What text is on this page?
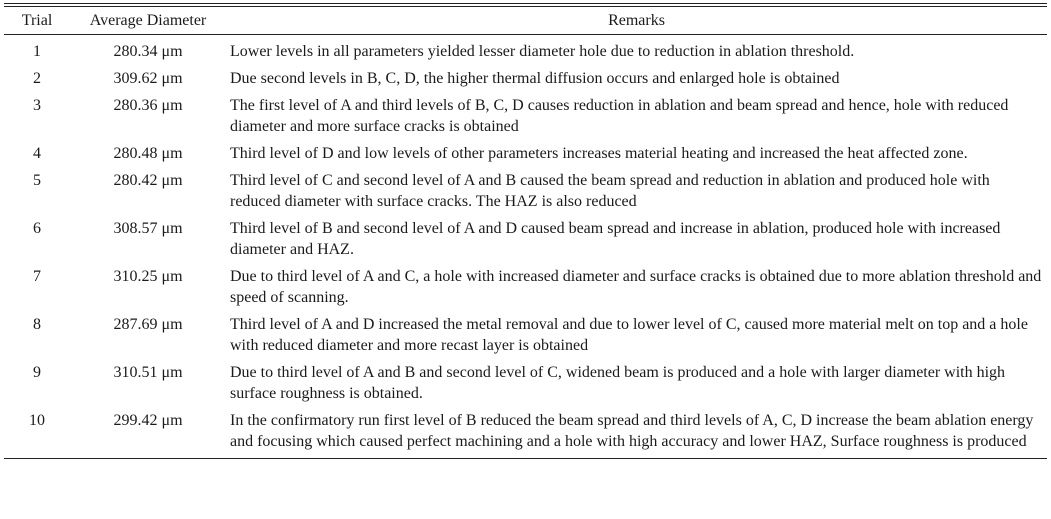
Trial	Average Diameter	Remarks
1	280.34 μm	Lower levels in all parameters yielded lesser diameter hole due to reduction in ablation threshold.
2	309.62 μm	Due second levels in B, C, D, the higher thermal diffusion occurs and enlarged hole is obtained
3	280.36 μm	The first level of A and third levels of B, C, D causes reduction in ablation and beam spread and hence, hole with reduced diameter and more surface cracks is obtained
4	280.48 μm	Third level of D and low levels of other parameters increases material heating and increased the heat affected zone.
5	280.42 μm	Third level of C and second level of A and B caused the beam spread and reduction in ablation and produced hole with reduced diameter with surface cracks. The HAZ is also reduced
6	308.57 μm	Third level of B and second level of A and D caused beam spread and increase in ablation, produced hole with increased diameter and HAZ.
7	310.25 μm	Due to third level of A and C, a hole with increased diameter and surface cracks is obtained due to more ablation threshold and speed of scanning.
8	287.69 μm	Third level of A and D increased the metal removal and due to lower level of C, caused more material melt on top and a hole with reduced diameter and more recast layer is obtained
9	310.51 μm	Due to third level of A and B and second level of C, widened beam is produced and a hole with larger diameter with high surface roughness is obtained.
10	299.42 μm	In the confirmatory run first level of B reduced the beam spread and third levels of A, C, D increase the beam ablation energy and focusing which caused perfect machining and a hole with high accuracy and lower HAZ, Surface roughness is produced
